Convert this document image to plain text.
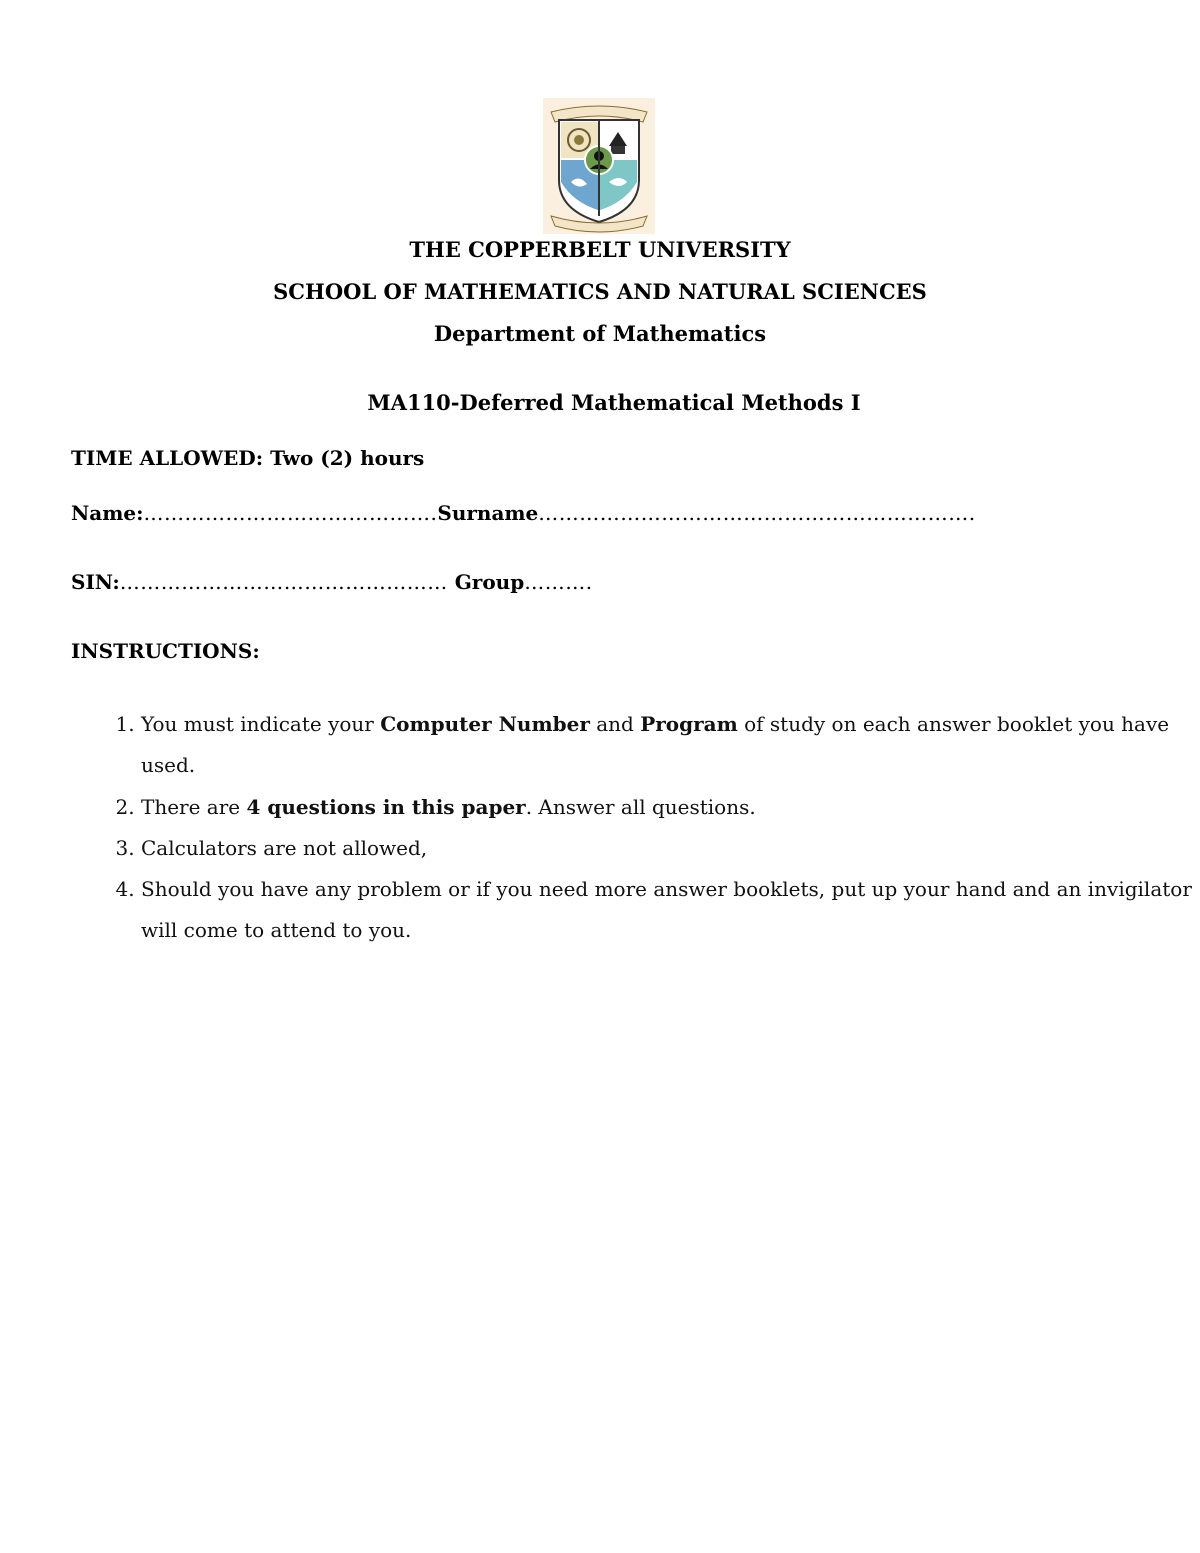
THE COPPERBELT UNIVERSITY
SCHOOL OF MATHEMATICS AND NATURAL SCIENCES
Department of Mathematics
MA110-Deferred Mathematical Methods I
TIME ALLOWED: Two (2) hours
Name:…………………………………….Surname……………………………………………………….
SIN:………………………………………… Group……….
INSTRUCTIONS:
1. You must indicate your Computer Number and Program of study on each answer booklet you have used.
2. There are 4 questions in this paper. Answer all questions.
3. Calculators are not allowed,
4. Should you have any problem or if you need more answer booklets, put up your hand and an invigilator will come to attend to you.
